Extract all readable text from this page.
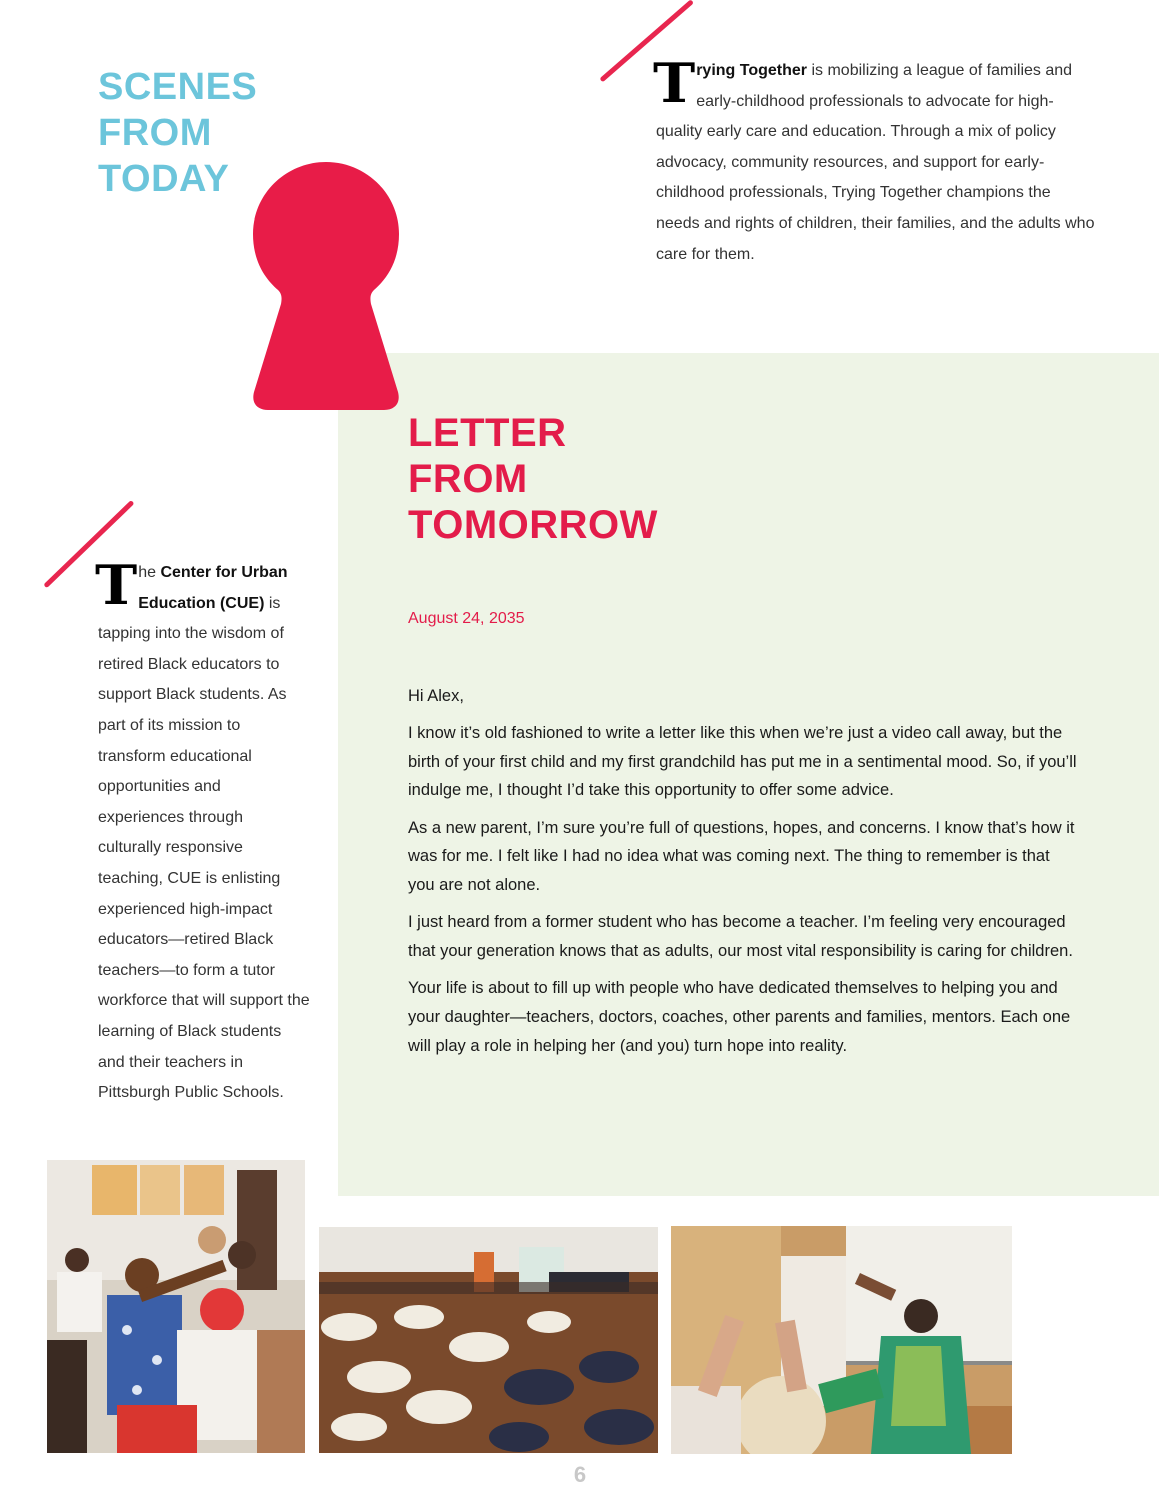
SCENES
FROM
TODAY

Trying Together is mobilizing a league of families and early-childhood professionals to advocate for high-quality early care and education. Through a mix of policy advocacy, community resources, and support for early-childhood professionals, Trying Together champions the needs and rights of children, their families, and the adults who care for them.

The Center for Urban Education (CUE) is tapping into the wisdom of retired Black educators to support Black students. As part of its mission to transform educational opportunities and experiences through culturally responsive teaching, CUE is enlisting experienced high-impact educators—retired Black teachers—to form a tutor workforce that will support the learning of Black students and their teachers in Pittsburgh Public Schools.

LETTER
FROM
TOMORROW
August 24, 2035

Hi Alex,

I know it’s old fashioned to write a letter like this when we’re just a video call away, but the birth of your first child and my first grandchild has put me in a sentimental mood. So, if you’ll indulge me, I thought I’d take this opportunity to offer some advice.

As a new parent, I’m sure you’re full of questions, hopes, and concerns. I know that’s how it was for me. I felt like I had no idea what was coming next. The thing to remember is that you are not alone.

I just heard from a former student who has become a teacher. I’m feeling very encouraged that your generation knows that as adults, our most vital responsibility is caring for children.

Your life is about to fill up with people who have dedicated themselves to helping you and your daughter—teachers, doctors, coaches, other parents and families, mentors. Each one will play a role in helping her (and you) turn hope into reality.

6
